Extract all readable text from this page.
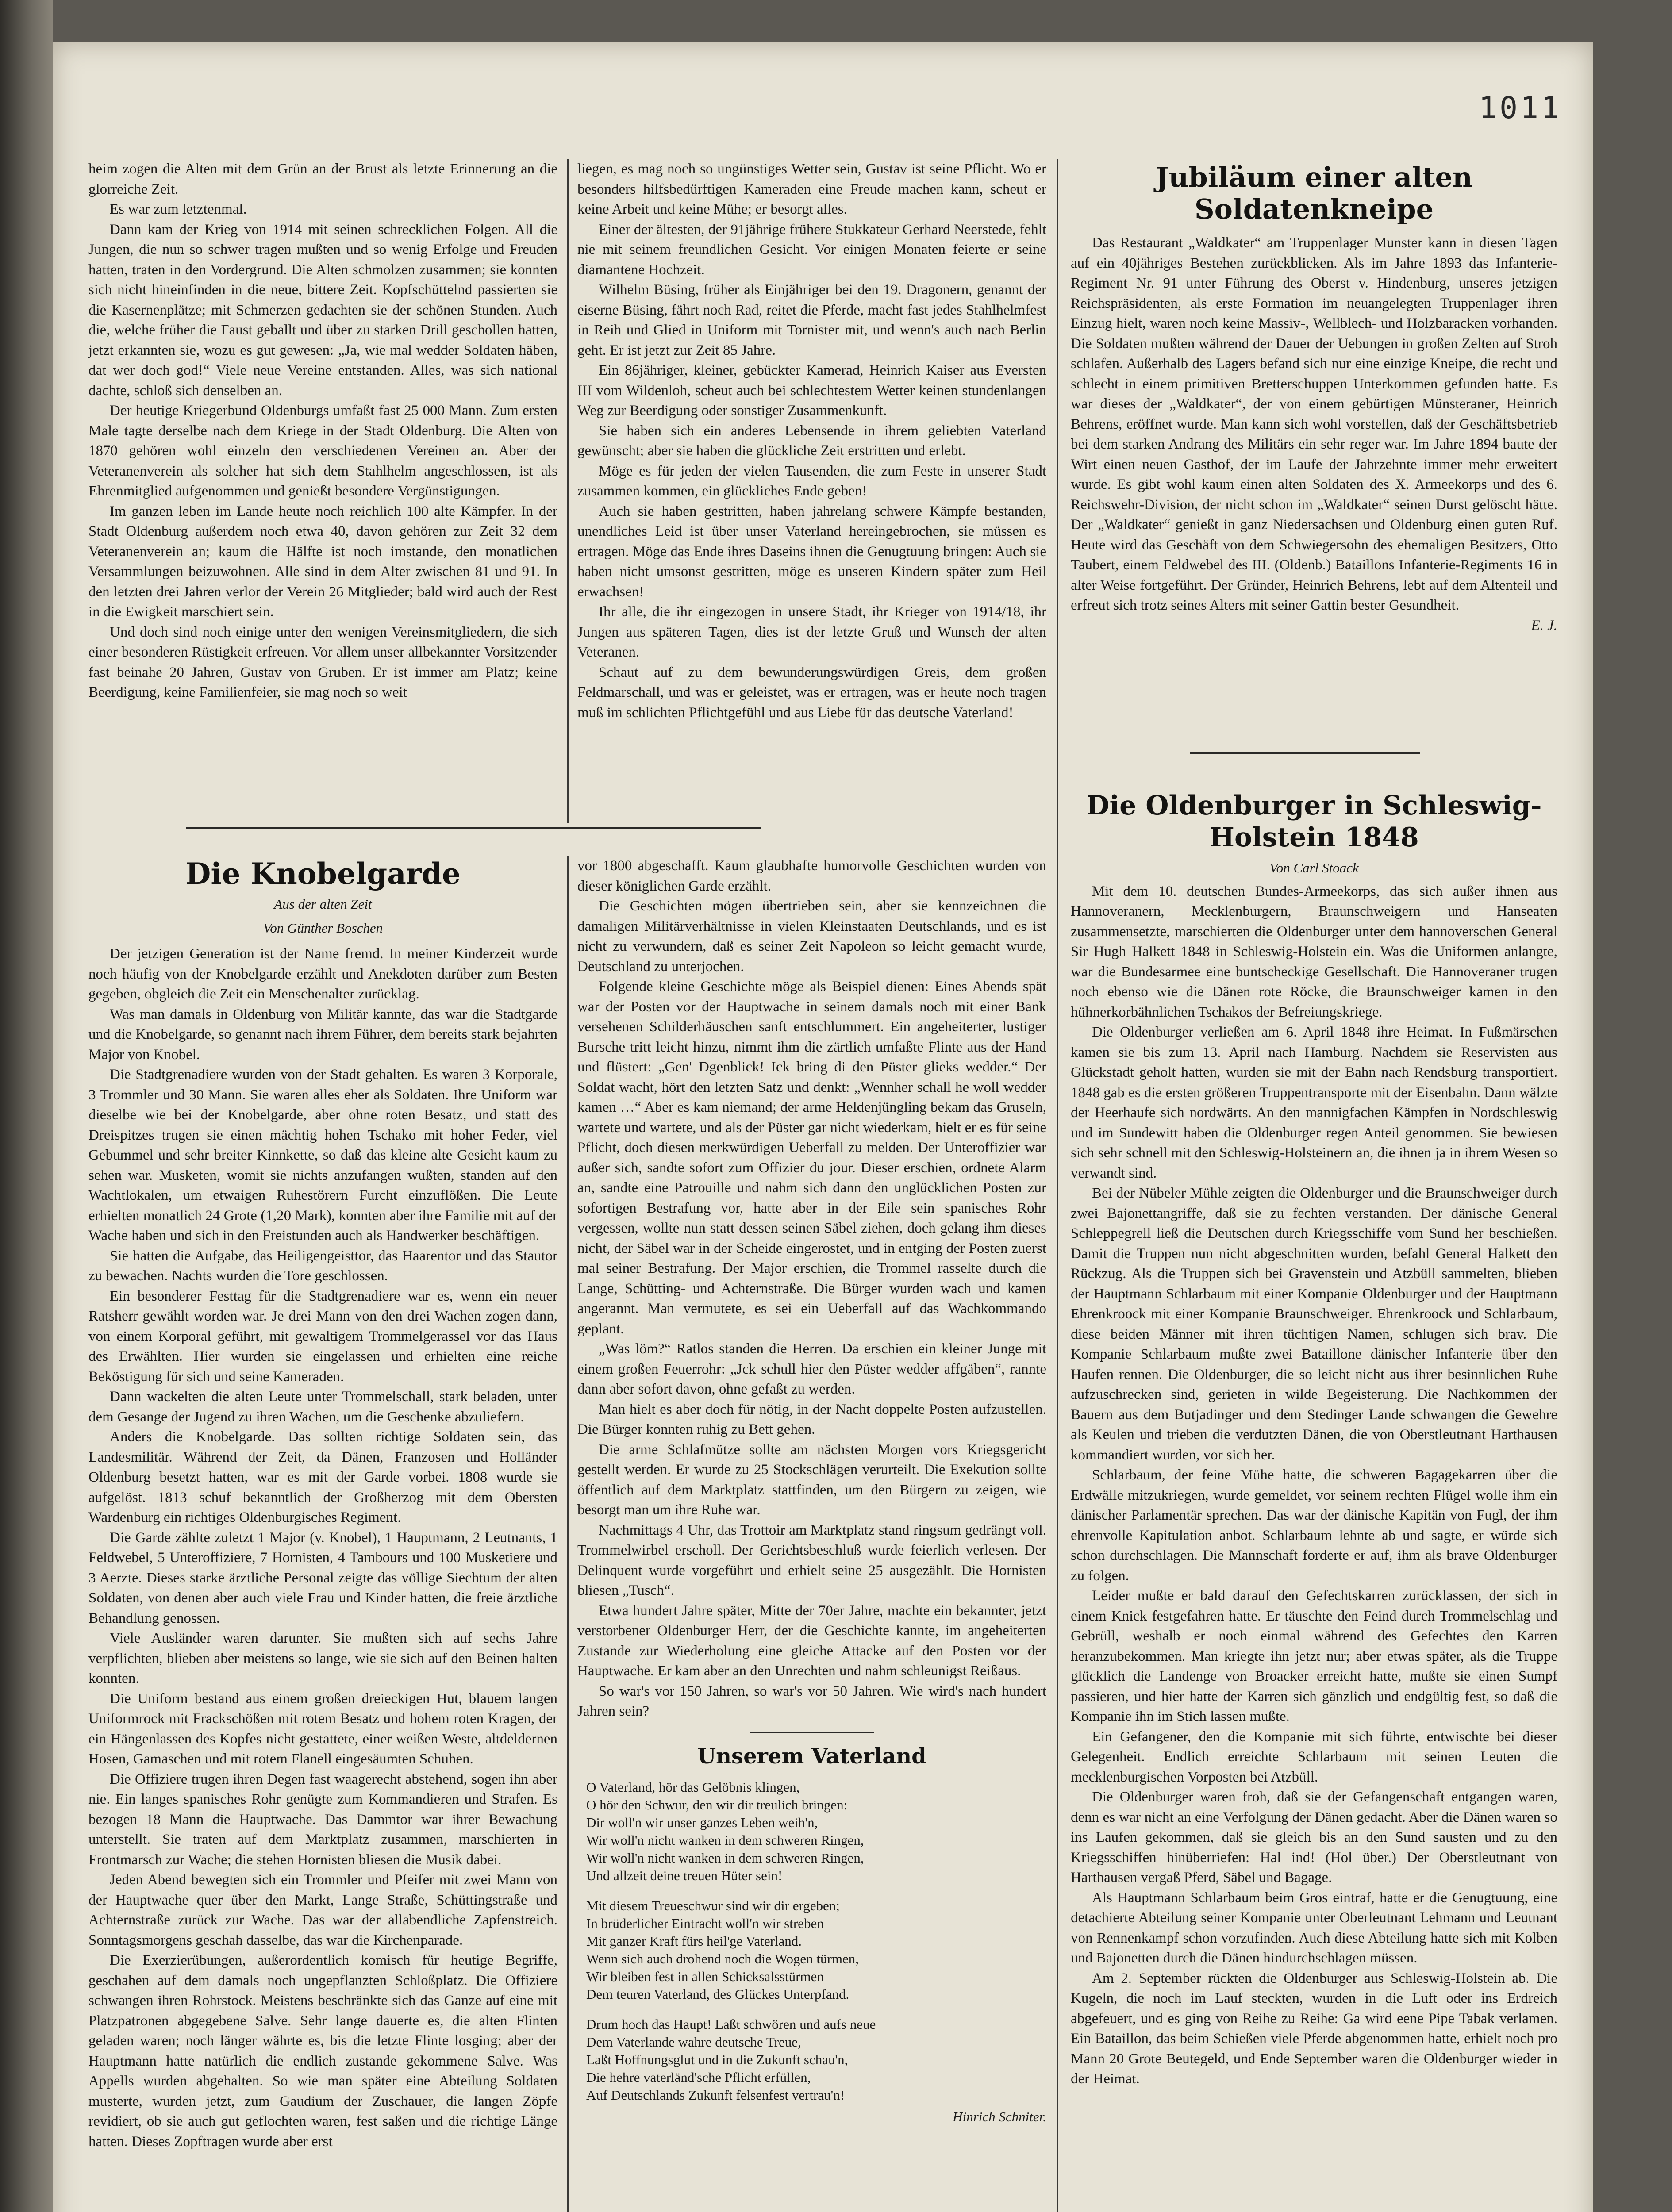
1011

heim zogen die Alten mit dem Grün an der Brust als letzte Erinnerung an die glorreiche Zeit.

Es war zum letztenmal.

Dann kam der Krieg von 1914 mit seinen schrecklichen Folgen. All die Jungen, die nun so schwer tragen mußten und so wenig Erfolge und Freuden hatten, traten in den Vordergrund. Die Alten schmolzen zusammen; sie konnten sich nicht hineinfinden in die neue, bittere Zeit. Kopfschüttelnd passierten sie die Kasernenplätze; mit Schmerzen gedachten sie der schönen Stunden. Auch die, welche früher die Faust geballt und über zu starken Drill geschollen hatten, jetzt erkannten sie, wozu es gut gewesen: „Ja, wie mal wedder Soldaten häben, dat wer doch god!“ Viele neue Vereine entstanden. Alles, was sich national dachte, schloß sich denselben an.

Der heutige Kriegerbund Oldenburgs umfaßt fast 25 000 Mann. Zum ersten Male tagte derselbe nach dem Kriege in der Stadt Oldenburg. Die Alten von 1870 gehören wohl einzeln den verschiedenen Vereinen an. Aber der Veteranenverein als solcher hat sich dem Stahlhelm angeschlossen, ist als Ehrenmitglied aufgenommen und genießt besondere Vergünstigungen.

Im ganzen leben im Lande heute noch reichlich 100 alte Kämpfer. In der Stadt Oldenburg außerdem noch etwa 40, davon gehören zur Zeit 32 dem Veteranenverein an; kaum die Hälfte ist noch imstande, den monatlichen Versammlungen beizuwohnen. Alle sind in dem Alter zwischen 81 und 91. In den letzten drei Jahren verlor der Verein 26 Mitglieder; bald wird auch der Rest in die Ewigkeit marschiert sein.

Und doch sind noch einige unter den wenigen Vereinsmitgliedern, die sich einer besonderen Rüstigkeit erfreuen. Vor allem unser allbekannter Vorsitzender fast beinahe 20 Jahren, Gustav von Gruben. Er ist immer am Platz; keine Beerdigung, keine Familienfeier, sie mag noch so weit

liegen, es mag noch so ungünstiges Wetter sein, Gustav ist seine Pflicht. Wo er besonders hilfsbedürftigen Kameraden eine Freude machen kann, scheut er keine Arbeit und keine Mühe; er besorgt alles.

Einer der ältesten, der 91jährige frühere Stukkateur Gerhard Neerstede, fehlt nie mit seinem freundlichen Gesicht. Vor einigen Monaten feierte er seine diamantene Hochzeit.

Wilhelm Büsing, früher als Einjähriger bei den 19. Dragonern, genannt der eiserne Büsing, fährt noch Rad, reitet die Pferde, macht fast jedes Stahlhelmfest in Reih und Glied in Uniform mit Tornister mit, und wenn's auch nach Berlin geht. Er ist jetzt zur Zeit 85 Jahre.

Ein 86jähriger, kleiner, gebückter Kamerad, Heinrich Kaiser aus Eversten III vom Wildenloh, scheut auch bei schlechtestem Wetter keinen stundenlangen Weg zur Beerdigung oder sonstiger Zusammenkunft.

Sie haben sich ein anderes Lebensende in ihrem geliebten Vaterland gewünscht; aber sie haben die glückliche Zeit erstritten und erlebt.

Möge es für jeden der vielen Tausenden, die zum Feste in unserer Stadt zusammen kommen, ein glückliches Ende geben!

Auch sie haben gestritten, haben jahrelang schwere Kämpfe bestanden, unendliches Leid ist über unser Vaterland hereingebrochen, sie müssen es ertragen. Möge das Ende ihres Daseins ihnen die Genugtuung bringen: Auch sie haben nicht umsonst gestritten, möge es unseren Kindern später zum Heil erwachsen!

Ihr alle, die ihr eingezogen in unsere Stadt, ihr Krieger von 1914/18, ihr Jungen aus späteren Tagen, dies ist der letzte Gruß und Wunsch der alten Veteranen.

Schaut auf zu dem bewunderungswürdigen Greis, dem großen Feldmarschall, und was er geleistet, was er ertragen, was er heute noch tragen muß im schlichten Pflichtgefühl und aus Liebe für das deutsche Vaterland!

Jubiläum einer alten Soldatenkneipe

Das Restaurant „Waldkater“ am Truppenlager Munster kann in diesen Tagen auf ein 40jähriges Bestehen zurückblicken. Als im Jahre 1893 das Infanterie-Regiment Nr. 91 unter Führung des Oberst v. Hindenburg, unseres jetzigen Reichspräsidenten, als erste Formation im neuangelegten Truppenlager ihren Einzug hielt, waren noch keine Massiv-, Wellblech- und Holzbaracken vorhanden. Die Soldaten mußten während der Dauer der Uebungen in großen Zelten auf Stroh schlafen. Außerhalb des Lagers befand sich nur eine einzige Kneipe, die recht und schlecht in einem primitiven Bretterschuppen Unterkommen gefunden hatte. Es war dieses der „Waldkater“, der von einem gebürtigen Münsteraner, Heinrich Behrens, eröffnet wurde. Man kann sich wohl vorstellen, daß der Geschäftsbetrieb bei dem starken Andrang des Militärs ein sehr reger war. Im Jahre 1894 baute der Wirt einen neuen Gasthof, der im Laufe der Jahrzehnte immer mehr erweitert wurde. Es gibt wohl kaum einen alten Soldaten des X. Armeekorps und des 6. Reichswehr-Division, der nicht schon im „Waldkater“ seinen Durst gelöscht hätte. Der „Waldkater“ genießt in ganz Niedersachsen und Oldenburg einen guten Ruf. Heute wird das Geschäft von dem Schwiegersohn des ehemaligen Besitzers, Otto Taubert, einem Feldwebel des III. (Oldenb.) Bataillons Infanterie-Regiments 16 in alter Weise fortgeführt. Der Gründer, Heinrich Behrens, lebt auf dem Altenteil und erfreut sich trotz seines Alters mit seiner Gattin bester Gesundheit.

E. J.
Die Oldenburger in Schleswig-Holstein 1848
Von Carl Stoack

Mit dem 10. deutschen Bundes-Armeekorps, das sich außer ihnen aus Hannoveranern, Mecklenburgern, Braunschweigern und Hanseaten zusammensetzte, marschierten die Oldenburger unter dem hannoverschen General Sir Hugh Halkett 1848 in Schleswig-Holstein ein. Was die Uniformen anlangte, war die Bundesarmee eine buntscheckige Gesellschaft. Die Hannoveraner trugen noch ebenso wie die Dänen rote Röcke, die Braunschweiger kamen in den hühnerkorbähnlichen Tschakos der Befreiungskriege.

Die Oldenburger verließen am 6. April 1848 ihre Heimat. In Fußmärschen kamen sie bis zum 13. April nach Hamburg. Nachdem sie Reservisten aus Glückstadt geholt hatten, wurden sie mit der Bahn nach Rendsburg transportiert. 1848 gab es die ersten größeren Truppentransporte mit der Eisenbahn. Dann wälzte der Heerhaufe sich nordwärts. An den mannigfachen Kämpfen in Nordschleswig und im Sundewitt haben die Oldenburger regen Anteil genommen. Sie bewiesen sich sehr schnell mit den Schleswig-Holsteinern an, die ihnen ja in ihrem Wesen so verwandt sind.

Bei der Nübeler Mühle zeigten die Oldenburger und die Braunschweiger durch zwei Bajonettangriffe, daß sie zu fechten verstanden. Der dänische General Schleppegrell ließ die Deutschen durch Kriegsschiffe vom Sund her beschießen. Damit die Truppen nun nicht abgeschnitten wurden, befahl General Halkett den Rückzug. Als die Truppen sich bei Gravenstein und Atzbüll sammelten, blieben der Hauptmann Schlarbaum mit einer Kompanie Oldenburger und der Hauptmann Ehrenkroock mit einer Kompanie Braunschweiger. Ehrenkroock und Schlarbaum, diese beiden Männer mit ihren tüchtigen Namen, schlugen sich brav. Die Kompanie Schlarbaum mußte zwei Bataillone dänischer Infanterie über den Haufen rennen. Die Oldenburger, die so leicht nicht aus ihrer besinnlichen Ruhe aufzuschrecken sind, gerieten in wilde Begeisterung. Die Nachkommen der Bauern aus dem Butjadinger und dem Stedinger Lande schwangen die Gewehre als Keulen und trieben die verdutzten Dänen, die von Oberstleutnant Harthausen kommandiert wurden, vor sich her.

Schlarbaum, der feine Mühe hatte, die schweren Bagagekarren über die Erdwälle mitzukriegen, wurde gemeldet, vor seinem rechten Flügel wolle ihm ein dänischer Parlamentär sprechen. Das war der dänische Kapitän von Fugl, der ihm ehrenvolle Kapitulation anbot. Schlarbaum lehnte ab und sagte, er würde sich schon durchschlagen. Die Mannschaft forderte er auf, ihm als brave Oldenburger zu folgen.

Leider mußte er bald darauf den Gefechtskarren zurücklassen, der sich in einem Knick festgefahren hatte. Er täuschte den Feind durch Trommelschlag und Gebrüll, weshalb er noch einmal während des Gefechtes den Karren heranzubekommen. Man kriegte ihn jetzt nur; aber etwas später, als die Truppe glücklich die Landenge von Broacker erreicht hatte, mußte sie einen Sumpf passieren, und hier hatte der Karren sich gänzlich und endgültig fest, so daß die Kompanie ihn im Stich lassen mußte.

Ein Gefangener, den die Kompanie mit sich führte, entwischte bei dieser Gelegenheit. Endlich erreichte Schlarbaum mit seinen Leuten die mecklenburgischen Vorposten bei Atzbüll.

Die Oldenburger waren froh, daß sie der Gefangenschaft entgangen waren, denn es war nicht an eine Verfolgung der Dänen gedacht. Aber die Dänen waren so ins Laufen gekommen, daß sie gleich bis an den Sund sausten und zu den Kriegsschiffen hinüberriefen: Hal ind! (Hol über.) Der Oberstleutnant von Harthausen vergaß Pferd, Säbel und Bagage.

Als Hauptmann Schlarbaum beim Gros eintraf, hatte er die Genugtuung, eine detachierte Abteilung seiner Kompanie unter Oberleutnant Lehmann und Leutnant von Rennenkampf schon vorzufinden. Auch diese Abteilung hatte sich mit Kolben und Bajonetten durch die Dänen hindurchschlagen müssen.

Am 2. September rückten die Oldenburger aus Schleswig-Holstein ab. Die Kugeln, die noch im Lauf steckten, wurden in die Luft oder ins Erdreich abgefeuert, und es ging von Reihe zu Reihe: Ga wird eene Pipe Tabak verlamen. Ein Bataillon, das beim Schießen viele Pferde abgenommen hatte, erhielt noch pro Mann 20 Grote Beutegeld, und Ende September waren die Oldenburger wieder in der Heimat.

Die Knobelgarde
Aus der alten Zeit
Von Günther Boschen

Der jetzigen Generation ist der Name fremd. In meiner Kinderzeit wurde noch häufig von der Knobelgarde erzählt und Anekdoten darüber zum Besten gegeben, obgleich die Zeit ein Menschenalter zurücklag.

Was man damals in Oldenburg von Militär kannte, das war die Stadtgarde und die Knobelgarde, so genannt nach ihrem Führer, dem bereits stark bejahrten Major von Knobel.

Die Stadtgrenadiere wurden von der Stadt gehalten. Es waren 3 Korporale, 3 Trommler und 30 Mann. Sie waren alles eher als Soldaten. Ihre Uniform war dieselbe wie bei der Knobelgarde, aber ohne roten Besatz, und statt des Dreispitzes trugen sie einen mächtig hohen Tschako mit hoher Feder, viel Gebummel und sehr breiter Kinnkette, so daß das kleine alte Gesicht kaum zu sehen war. Musketen, womit sie nichts anzufangen wußten, standen auf den Wachtlokalen, um etwaigen Ruhestörern Furcht einzuflößen. Die Leute erhielten monatlich 24 Grote (1,20 Mark), konnten aber ihre Familie mit auf der Wache haben und sich in den Freistunden auch als Handwerker beschäftigen.

Sie hatten die Aufgabe, das Heiligengeisttor, das Haarentor und das Stautor zu bewachen. Nachts wurden die Tore geschlossen.

Ein besonderer Festtag für die Stadtgrenadiere war es, wenn ein neuer Ratsherr gewählt worden war. Je drei Mann von den drei Wachen zogen dann, von einem Korporal geführt, mit gewaltigem Trommelgerassel vor das Haus des Erwählten. Hier wurden sie eingelassen und erhielten eine reiche Beköstigung für sich und seine Kameraden.

Dann wackelten die alten Leute unter Trommelschall, stark beladen, unter dem Gesange der Jugend zu ihren Wachen, um die Geschenke abzuliefern.

Anders die Knobelgarde. Das sollten richtige Soldaten sein, das Landesmilitär. Während der Zeit, da Dänen, Franzosen und Holländer Oldenburg besetzt hatten, war es mit der Garde vorbei. 1808 wurde sie aufgelöst. 1813 schuf bekanntlich der Großherzog mit dem Obersten Wardenburg ein richtiges Oldenburgisches Regiment.

Die Garde zählte zuletzt 1 Major (v. Knobel), 1 Hauptmann, 2 Leutnants, 1 Feldwebel, 5 Unteroffiziere, 7 Hornisten, 4 Tambours und 100 Musketiere und 3 Aerzte. Dieses starke ärztliche Personal zeigte das völlige Siechtum der alten Soldaten, von denen aber auch viele Frau und Kinder hatten, die freie ärztliche Behandlung genossen.

Viele Ausländer waren darunter. Sie mußten sich auf sechs Jahre verpflichten, blieben aber meistens so lange, wie sie sich auf den Beinen halten konnten.

Die Uniform bestand aus einem großen dreieckigen Hut, blauem langen Uniformrock mit Frackschößen mit rotem Besatz und hohem roten Kragen, der ein Hängenlassen des Kopfes nicht gestattete, einer weißen Weste, altdeldernen Hosen, Gamaschen und mit rotem Flanell eingesäumten Schuhen.

Die Offiziere trugen ihren Degen fast waagerecht abstehend, sogen ihn aber nie. Ein langes spanisches Rohr genügte zum Kommandieren und Strafen. Es bezogen 18 Mann die Hauptwache. Das Dammtor war ihrer Bewachung unterstellt. Sie traten auf dem Marktplatz zusammen, marschierten in Frontmarsch zur Wache; die stehen Hornisten bliesen die Musik dabei.

Jeden Abend bewegten sich ein Trommler und Pfeifer mit zwei Mann von der Hauptwache quer über den Markt, Lange Straße, Schüttingstraße und Achternstraße zurück zur Wache. Das war der allabendliche Zapfenstreich. Sonntagsmorgens geschah dasselbe, das war die Kirchenparade.

Die Exerzierübungen, außerordentlich komisch für heutige Begriffe, geschahen auf dem damals noch ungepflanzten Schloßplatz. Die Offiziere schwangen ihren Rohrstock. Meistens beschränkte sich das Ganze auf eine mit Platzpatronen abgegebene Salve. Sehr lange dauerte es, die alten Flinten geladen waren; noch länger währte es, bis die letzte Flinte losging; aber der Hauptmann hatte natürlich die endlich zustande gekommene Salve. Was Appells wurden abgehalten. So wie man später eine Abteilung Soldaten musterte, wurden jetzt, zum Gaudium der Zuschauer, die langen Zöpfe revidiert, ob sie auch gut geflochten waren, fest saßen und die richtige Länge hatten. Dieses Zopftragen wurde aber erst

vor 1800 abgeschafft. Kaum glaubhafte humorvolle Geschichten wurden von dieser königlichen Garde erzählt.

Die Geschichten mögen übertrieben sein, aber sie kennzeichnen die damaligen Militärverhältnisse in vielen Kleinstaaten Deutschlands, und es ist nicht zu verwundern, daß es seiner Zeit Napoleon so leicht gemacht wurde, Deutschland zu unterjochen.

Folgende kleine Geschichte möge als Beispiel dienen: Eines Abends spät war der Posten vor der Hauptwache in seinem damals noch mit einer Bank versehenen Schilderhäuschen sanft entschlummert. Ein angeheiterter, lustiger Bursche tritt leicht hinzu, nimmt ihm die zärtlich umfaßte Flinte aus der Hand und flüstert: „Gen' Dgenblick! Ick bring di den Püster glieks wedder.“ Der Soldat wacht, hört den letzten Satz und denkt: „Wennher schall he woll wedder kamen …“ Aber es kam niemand; der arme Heldenjüngling bekam das Gruseln, wartete und wartete, und als der Püster gar nicht wiederkam, hielt er es für seine Pflicht, doch diesen merkwürdigen Ueberfall zu melden. Der Unteroffizier war außer sich, sandte sofort zum Offizier du jour. Dieser erschien, ordnete Alarm an, sandte eine Patrouille und nahm sich dann den unglücklichen Posten zur sofortigen Bestrafung vor, hatte aber in der Eile sein spanisches Rohr vergessen, wollte nun statt dessen seinen Säbel ziehen, doch gelang ihm dieses nicht, der Säbel war in der Scheide eingerostet, und in entging der Posten zuerst mal seiner Bestrafung. Der Major erschien, die Trommel rasselte durch die Lange, Schütting- und Achternstraße. Die Bürger wurden wach und kamen angerannt. Man vermutete, es sei ein Ueberfall auf das Wachkommando geplant.

„Was löm?“ Ratlos standen die Herren. Da erschien ein kleiner Junge mit einem großen Feuerrohr: „Jck schull hier den Püster wedder affgäben“, rannte dann aber sofort davon, ohne gefaßt zu werden.

Man hielt es aber doch für nötig, in der Nacht doppelte Posten aufzustellen. Die Bürger konnten ruhig zu Bett gehen.

Die arme Schlafmütze sollte am nächsten Morgen vors Kriegsgericht gestellt werden. Er wurde zu 25 Stockschlägen verurteilt. Die Exekution sollte öffentlich auf dem Marktplatz stattfinden, um den Bürgern zu zeigen, wie besorgt man um ihre Ruhe war.

Nachmittags 4 Uhr, das Trottoir am Marktplatz stand ringsum gedrängt voll. Trommelwirbel erscholl. Der Gerichtsbeschluß wurde feierlich verlesen. Der Delinquent wurde vorgeführt und erhielt seine 25 ausgezählt. Die Hornisten bliesen „Tusch“.

Etwa hundert Jahre später, Mitte der 70er Jahre, machte ein bekannter, jetzt verstorbener Oldenburger Herr, der die Geschichte kannte, im angeheiterten Zustande zur Wiederholung eine gleiche Attacke auf den Posten vor der Hauptwache. Er kam aber an den Unrechten und nahm schleunigst Reißaus.

So war's vor 150 Jahren, so war's vor 50 Jahren. Wie wird's nach hundert Jahren sein?

Unserem Vaterland
O Vaterland, hör das Gelöbnis klingen,
O hör den Schwur, den wir dir treulich bringen:
Dir woll'n wir unser ganzes Leben weih'n,
Wir woll'n nicht wanken in dem schweren Ringen,
Wir woll'n nicht wanken in dem schweren Ringen,
Und allzeit deine treuen Hüter sein!
Mit diesem Treueschwur sind wir dir ergeben;
In brüderlicher Eintracht woll'n wir streben
Mit ganzer Kraft fürs heil'ge Vaterland.
Wenn sich auch drohend noch die Wogen türmen,
Wir bleiben fest in allen Schicksalsstürmen
Dem teuren Vaterland, des Glückes Unterpfand.
Drum hoch das Haupt! Laßt schwören und aufs neue
Dem Vaterlande wahre deutsche Treue,
Laßt Hoffnungsglut und in die Zukunft schau'n,
Die hehre vaterländ'sche Pflicht erfüllen,
Auf Deutschlands Zukunft felsenfest vertrau'n!
Hinrich Schniter.
